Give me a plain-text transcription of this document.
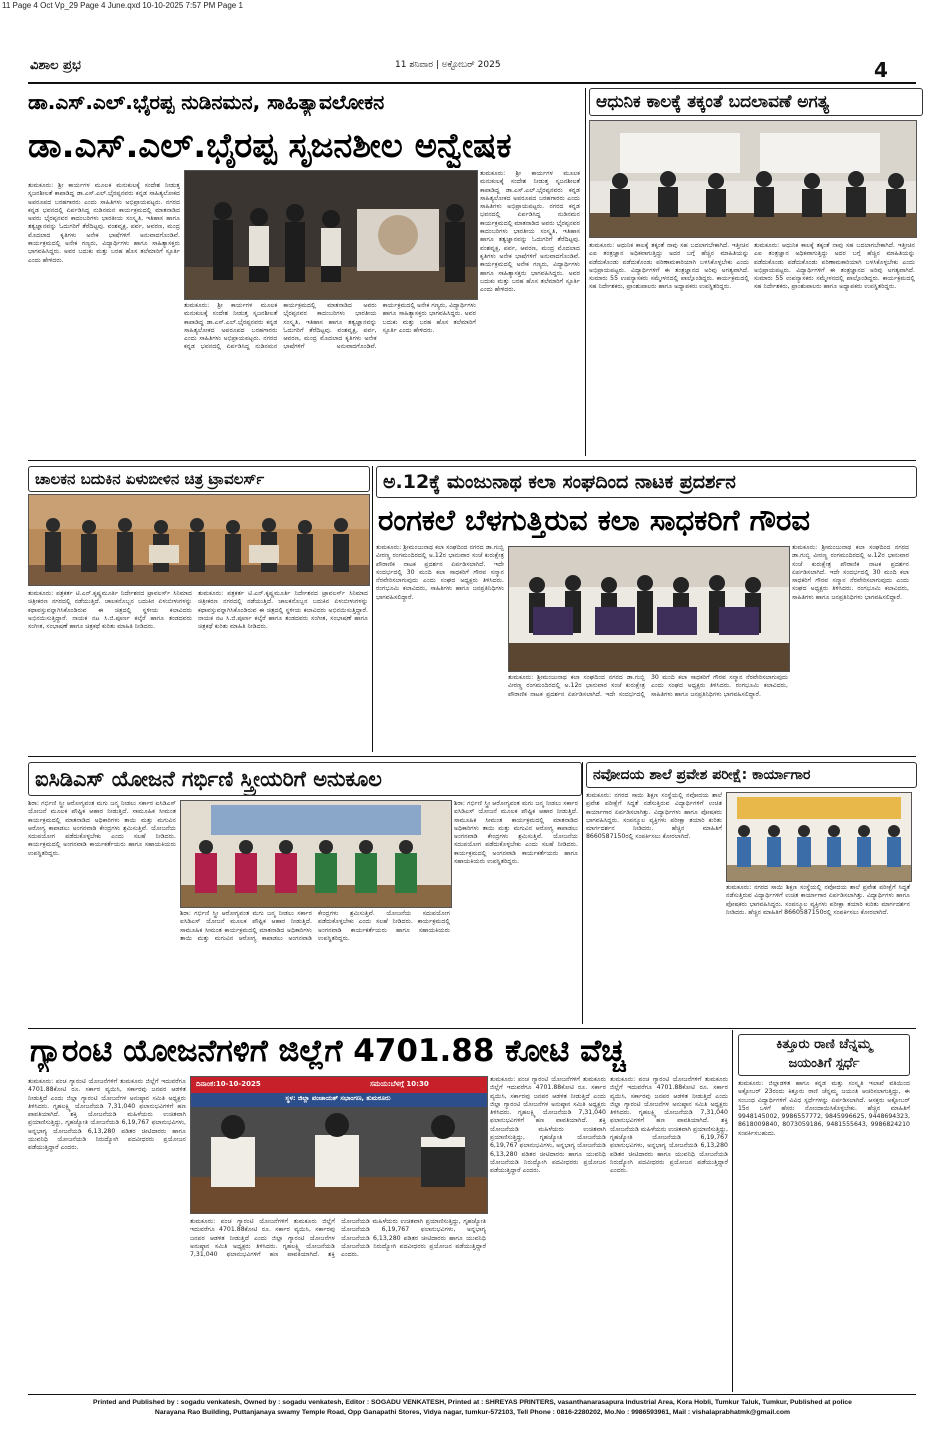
11 Page 4 Oct Vp_29 Page 4 June.qxd 10-10-2025 7:57 PM Page 1
ವಿಶಾಲ ಪ್ರಭ	11 ಶನಿವಾರ | ಅಕ್ಟೋಬರ್ 2025	4
ಡಾ.ಎಸ್.ಎಲ್.ಭೈರಪ್ಪ ನುಡಿನಮನ, ಸಾಹಿತ್ಯಾವಲೋಕನ
ಡಾ.ಎಸ್.ಎಲ್.ಭೈರಪ್ಪ ಸೃಜನಶೀಲ ಅನ್ವೇಷಕ
ತುಮಕೂರು: ಶ್ರೀ ಕಾರ್ಯಗಳ ಮೂಲಕ ಮನುಕುಲಕ್ಕೆ ಸಂದೇಶ ನೀಡುತ್ತ ಸೃಜನಶೀಲತೆ ಕಾಪಾಡಿದ್ದ ಡಾ.ಎಸ್.ಎಲ್.ಭೈರಪ್ಪನವರು ಕನ್ನಡ ಸಾಹಿತ್ಯಲೋಕದ ಅಪರೂಪದ ಬರಹಗಾರರು ಎಂದು ಸಾಹಿತಿಗಳು ಅಭಿಪ್ರಾಯಪಟ್ಟರು. ನಗರದ ಕನ್ನಡ ಭವನದಲ್ಲಿ ಏರ್ಪಡಿಸಿದ್ದ ನುಡಿನಮನ ಕಾರ್ಯಕ್ರಮದಲ್ಲಿ ಮಾತನಾಡಿದ ಅವರು ಭೈರಪ್ಪನವರ ಕಾದಂಬರಿಗಳು ಭಾರತೀಯ ಸಂಸ್ಕೃತಿ, ಇತಿಹಾಸ ಹಾಗೂ ತತ್ವಜ್ಞಾನವನ್ನು ಓದುಗರಿಗೆ ತೆರೆದಿಟ್ಟವು. ವಂಶವೃಕ್ಷ, ಪರ್ವ, ಆವರಣ, ಮಂದ್ರ ಮೊದಲಾದ ಕೃತಿಗಳು ಅನೇಕ ಭಾಷೆಗಳಿಗೆ ಅನುವಾದಗೊಂಡಿವೆ. ಕಾರ್ಯಕ್ರಮದಲ್ಲಿ ಅನೇಕ ಗಣ್ಯರು, ವಿದ್ಯಾರ್ಥಿಗಳು ಹಾಗೂ ಸಾಹಿತ್ಯಾಸಕ್ತರು ಭಾಗವಹಿಸಿದ್ದರು. ಅವರ ಬದುಕು ಮತ್ತು ಬರಹ ಹೊಸ ತಲೆಮಾರಿಗೆ ಸ್ಫೂರ್ತಿ ಎಂದು ಹೇಳಿದರು.
ತುಮಕೂರು: ಶ್ರೀ ಕಾರ್ಯಗಳ ಮೂಲಕ ಮನುಕುಲಕ್ಕೆ ಸಂದೇಶ ನೀಡುತ್ತ ಸೃಜನಶೀಲತೆ ಕಾಪಾಡಿದ್ದ ಡಾ.ಎಸ್.ಎಲ್.ಭೈರಪ್ಪನವರು ಕನ್ನಡ ಸಾಹಿತ್ಯಲೋಕದ ಅಪರೂಪದ ಬರಹಗಾರರು ಎಂದು ಸಾಹಿತಿಗಳು ಅಭಿಪ್ರಾಯಪಟ್ಟರು. ನಗರದ ಕನ್ನಡ ಭವನದಲ್ಲಿ ಏರ್ಪಡಿಸಿದ್ದ ನುಡಿನಮನ ಕಾರ್ಯಕ್ರಮದಲ್ಲಿ ಮಾತನಾಡಿದ ಅವರು ಭೈರಪ್ಪನವರ ಕಾದಂಬರಿಗಳು ಭಾರತೀಯ ಸಂಸ್ಕೃತಿ, ಇತಿಹಾಸ ಹಾಗೂ ತತ್ವಜ್ಞಾನವನ್ನು ಓದುಗರಿಗೆ ತೆರೆದಿಟ್ಟವು. ವಂಶವೃಕ್ಷ, ಪರ್ವ, ಆವರಣ, ಮಂದ್ರ ಮೊದಲಾದ ಕೃತಿಗಳು ಅನೇಕ ಭಾಷೆಗಳಿಗೆ ಅನುವಾದಗೊಂಡಿವೆ. ಕಾರ್ಯಕ್ರಮದಲ್ಲಿ ಅನೇಕ ಗಣ್ಯರು, ವಿದ್ಯಾರ್ಥಿಗಳು ಹಾಗೂ ಸಾಹಿತ್ಯಾಸಕ್ತರು ಭಾಗವಹಿಸಿದ್ದರು. ಅವರ ಬದುಕು ಮತ್ತು ಬರಹ ಹೊಸ ತಲೆಮಾರಿಗೆ ಸ್ಫೂರ್ತಿ ಎಂದು ಹೇಳಿದರು.
ತುಮಕೂರು: ಶ್ರೀ ಕಾರ್ಯಗಳ ಮೂಲಕ ಮನುಕುಲಕ್ಕೆ ಸಂದೇಶ ನೀಡುತ್ತ ಸೃಜನಶೀಲತೆ ಕಾಪಾಡಿದ್ದ ಡಾ.ಎಸ್.ಎಲ್.ಭೈರಪ್ಪನವರು ಕನ್ನಡ ಸಾಹಿತ್ಯಲೋಕದ ಅಪರೂಪದ ಬರಹಗಾರರು ಎಂದು ಸಾಹಿತಿಗಳು ಅಭಿಪ್ರಾಯಪಟ್ಟರು. ನಗರದ ಕನ್ನಡ ಭವನದಲ್ಲಿ ಏರ್ಪಡಿಸಿದ್ದ ನುಡಿನಮನ ಕಾರ್ಯಕ್ರಮದಲ್ಲಿ ಮಾತನಾಡಿದ ಅವರು ಭೈರಪ್ಪನವರ ಕಾದಂಬರಿಗಳು ಭಾರತೀಯ ಸಂಸ್ಕೃತಿ, ಇತಿಹಾಸ ಹಾಗೂ ತತ್ವಜ್ಞಾನವನ್ನು ಓದುಗರಿಗೆ ತೆರೆದಿಟ್ಟವು. ವಂಶವೃಕ್ಷ, ಪರ್ವ, ಆವರಣ, ಮಂದ್ರ ಮೊದಲಾದ ಕೃತಿಗಳು ಅನೇಕ ಭಾಷೆಗಳಿಗೆ ಅನುವಾದಗೊಂಡಿವೆ. ಕಾರ್ಯಕ್ರಮದಲ್ಲಿ ಅನೇಕ ಗಣ್ಯರು, ವಿದ್ಯಾರ್ಥಿಗಳು ಹಾಗೂ ಸಾಹಿತ್ಯಾಸಕ್ತರು ಭಾಗವಹಿಸಿದ್ದರು. ಅವರ ಬದುಕು ಮತ್ತು ಬರಹ ಹೊಸ ತಲೆಮಾರಿಗೆ ಸ್ಫೂರ್ತಿ ಎಂದು ಹೇಳಿದರು.
ಆಧುನಿಕ ಕಾಲಕ್ಕೆ ತಕ್ಕಂತೆ ಬದಲಾವಣೆ ಅಗತ್ಯ
ತುಮಕೂರು: ಆಧುನಿಕ ಕಾಲಕ್ಕೆ ತಕ್ಕಂತೆ ನಾವು ಸಹ ಬದಲಾಗಬೇಕಾಗಿದೆ. ಇತ್ತೀಚಿನ ಎಐ ತಂತ್ರಜ್ಞಾನ ಅಧಿಕವಾಗುತ್ತಿದ್ದು ಅದರ ಬಗ್ಗೆ ಹೆಚ್ಚಿನ ಮಾಹಿತಿಯನ್ನು ಪಡೆದುಕೊಂಡು ಪಡೆದುಕೊಂಡು ಪರಿಣಾಮಕಾರಿಯಾಗಿ ಬಳಸಿಕೊಳ್ಳಬೇಕು ಎಂದು ಅಭಿಪ್ರಾಯಪಟ್ಟರು. ವಿದ್ಯಾರ್ಥಿಗಳಿಗೆ ಈ ತಂತ್ರಜ್ಞಾನದ ಅರಿವು ಅಗತ್ಯವಾಗಿದೆ. ಸುಮಾರು 55 ಉಪನ್ಯಾಸಕರು ಸಮ್ಮೇಳನದಲ್ಲಿ ಪಾಲ್ಗೊಂಡಿದ್ದರು. ಕಾರ್ಯಕ್ರಮದಲ್ಲಿ ಸಹ ನಿರ್ದೇಶಕರು, ಪ್ರಾಂಶುಪಾಲರು ಹಾಗೂ ಅಧ್ಯಾಪಕರು ಉಪಸ್ಥಿತರಿದ್ದರು.
ತುಮಕೂರು: ಆಧುನಿಕ ಕಾಲಕ್ಕೆ ತಕ್ಕಂತೆ ನಾವು ಸಹ ಬದಲಾಗಬೇಕಾಗಿದೆ. ಇತ್ತೀಚಿನ ಎಐ ತಂತ್ರಜ್ಞಾನ ಅಧಿಕವಾಗುತ್ತಿದ್ದು ಅದರ ಬಗ್ಗೆ ಹೆಚ್ಚಿನ ಮಾಹಿತಿಯನ್ನು ಪಡೆದುಕೊಂಡು ಪಡೆದುಕೊಂಡು ಪರಿಣಾಮಕಾರಿಯಾಗಿ ಬಳಸಿಕೊಳ್ಳಬೇಕು ಎಂದು ಅಭಿಪ್ರಾಯಪಟ್ಟರು. ವಿದ್ಯಾರ್ಥಿಗಳಿಗೆ ಈ ತಂತ್ರಜ್ಞಾನದ ಅರಿವು ಅಗತ್ಯವಾಗಿದೆ. ಸುಮಾರು 55 ಉಪನ್ಯಾಸಕರು ಸಮ್ಮೇಳನದಲ್ಲಿ ಪಾಲ್ಗೊಂಡಿದ್ದರು. ಕಾರ್ಯಕ್ರಮದಲ್ಲಿ ಸಹ ನಿರ್ದೇಶಕರು, ಪ್ರಾಂಶುಪಾಲರು ಹಾಗೂ ಅಧ್ಯಾಪಕರು ಉಪಸ್ಥಿತರಿದ್ದರು.
ಚಾಲಕನ ಬದುಕಿನ ಏಳುಬೀಳಿನ ಚಿತ್ರ ಟ್ರಾವಲರ್ಸ್
ತುಮಕೂರು: ಪತ್ರಕರ್ತ ಟಿ.ಎನ್.ಕೃಷ್ಣಮೂರ್ತಿ ನಿರ್ದೇಶನದ ಟ್ರಾವಲರ್ಸ್ ಸಿನಿಮಾದ ಚಿತ್ರೀಕರಣ ನಗರದಲ್ಲಿ ನಡೆಯುತ್ತಿದೆ. ಚಾಲಕನೊಬ್ಬನ ಬದುಕಿನ ಏಳುಬೀಳುಗಳನ್ನು ಕಥಾವಸ್ತುವನ್ನಾಗಿಸಿಕೊಂಡಿರುವ ಈ ಚಿತ್ರದಲ್ಲಿ ಸ್ಥಳೀಯ ಕಲಾವಿದರು ಅಭಿನಯಿಸುತ್ತಿದ್ದಾರೆ. ನಾಯಕ ನಟ ಸಿ.ಜಿ.ಪೂರ್ಣ ಕಲ್ಕೆರೆ ಹಾಗೂ ತಂಡದವರು ಸಂಗೀತ, ಸಂಭಾಷಣೆ ಹಾಗೂ ಚಿತ್ರಕಥೆ ಕುರಿತು ಮಾಹಿತಿ ನೀಡಿದರು.
ತುಮಕೂರು: ಪತ್ರಕರ್ತ ಟಿ.ಎನ್.ಕೃಷ್ಣಮೂರ್ತಿ ನಿರ್ದೇಶನದ ಟ್ರಾವಲರ್ಸ್ ಸಿನಿಮಾದ ಚಿತ್ರೀಕರಣ ನಗರದಲ್ಲಿ ನಡೆಯುತ್ತಿದೆ. ಚಾಲಕನೊಬ್ಬನ ಬದುಕಿನ ಏಳುಬೀಳುಗಳನ್ನು ಕಥಾವಸ್ತುವನ್ನಾಗಿಸಿಕೊಂಡಿರುವ ಈ ಚಿತ್ರದಲ್ಲಿ ಸ್ಥಳೀಯ ಕಲಾವಿದರು ಅಭಿನಯಿಸುತ್ತಿದ್ದಾರೆ. ನಾಯಕ ನಟ ಸಿ.ಜಿ.ಪೂರ್ಣ ಕಲ್ಕೆರೆ ಹಾಗೂ ತಂಡದವರು ಸಂಗೀತ, ಸಂಭಾಷಣೆ ಹಾಗೂ ಚಿತ್ರಕಥೆ ಕುರಿತು ಮಾಹಿತಿ ನೀಡಿದರು.
ಅ.12ಕ್ಕೆ ಮಂಜುನಾಥ ಕಲಾ ಸಂಘದಿಂದ ನಾಟಕ ಪ್ರದರ್ಶನ
ರಂಗಕಲೆ ಬೆಳಗುತ್ತಿರುವ ಕಲಾ ಸಾಧಕರಿಗೆ ಗೌರವ
ತುಮಕೂರು: ಶ್ರೀಮಂಜುನಾಥ ಕಲಾ ಸಂಘದಿಂದ ನಗರದ ಡಾ.ಗುಬ್ಬಿ ವೀರಣ್ಣ ರಂಗಮಂದಿರದಲ್ಲಿ ಅ.12ರ ಭಾನುವಾರ ಸಂಜೆ ಕುರುಕ್ಷೇತ್ರ ಪೌರಾಣಿಕ ನಾಟಕ ಪ್ರದರ್ಶನ ಏರ್ಪಡಿಸಲಾಗಿದೆ. ಇದೇ ಸಂದರ್ಭದಲ್ಲಿ 30 ಮಂದಿ ಕಲಾ ಸಾಧಕರಿಗೆ ಗೌರವ ಸನ್ಮಾನ ನೆರವೇರಿಸಲಾಗುವುದು ಎಂದು ಸಂಘದ ಅಧ್ಯಕ್ಷರು ತಿಳಿಸಿದರು. ರಂಗಭೂಮಿ ಕಲಾವಿದರು, ಸಾಹಿತಿಗಳು ಹಾಗೂ ಜನಪ್ರತಿನಿಧಿಗಳು ಭಾಗವಹಿಸಲಿದ್ದಾರೆ.
ತುಮಕೂರು: ಶ್ರೀಮಂಜುನಾಥ ಕಲಾ ಸಂಘದಿಂದ ನಗರದ ಡಾ.ಗುಬ್ಬಿ ವೀರಣ್ಣ ರಂಗಮಂದಿರದಲ್ಲಿ ಅ.12ರ ಭಾನುವಾರ ಸಂಜೆ ಕುರುಕ್ಷೇತ್ರ ಪೌರಾಣಿಕ ನಾಟಕ ಪ್ರದರ್ಶನ ಏರ್ಪಡಿಸಲಾಗಿದೆ. ಇದೇ ಸಂದರ್ಭದಲ್ಲಿ 30 ಮಂದಿ ಕಲಾ ಸಾಧಕರಿಗೆ ಗೌರವ ಸನ್ಮಾನ ನೆರವೇರಿಸಲಾಗುವುದು ಎಂದು ಸಂಘದ ಅಧ್ಯಕ್ಷರು ತಿಳಿಸಿದರು. ರಂಗಭೂಮಿ ಕಲಾವಿದರು, ಸಾಹಿತಿಗಳು ಹಾಗೂ ಜನಪ್ರತಿನಿಧಿಗಳು ಭಾಗವಹಿಸಲಿದ್ದಾರೆ.
ತುಮಕೂರು: ಶ್ರೀಮಂಜುನಾಥ ಕಲಾ ಸಂಘದಿಂದ ನಗರದ ಡಾ.ಗುಬ್ಬಿ ವೀರಣ್ಣ ರಂಗಮಂದಿರದಲ್ಲಿ ಅ.12ರ ಭಾನುವಾರ ಸಂಜೆ ಕುರುಕ್ಷೇತ್ರ ಪೌರಾಣಿಕ ನಾಟಕ ಪ್ರದರ್ಶನ ಏರ್ಪಡಿಸಲಾಗಿದೆ. ಇದೇ ಸಂದರ್ಭದಲ್ಲಿ 30 ಮಂದಿ ಕಲಾ ಸಾಧಕರಿಗೆ ಗೌರವ ಸನ್ಮಾನ ನೆರವೇರಿಸಲಾಗುವುದು ಎಂದು ಸಂಘದ ಅಧ್ಯಕ್ಷರು ತಿಳಿಸಿದರು. ರಂಗಭೂಮಿ ಕಲಾವಿದರು, ಸಾಹಿತಿಗಳು ಹಾಗೂ ಜನಪ್ರತಿನಿಧಿಗಳು ಭಾಗವಹಿಸಲಿದ್ದಾರೆ.
ಐಸಿಡಿಎಸ್ ಯೋಜನೆ ಗರ್ಭಿಣಿ ಸ್ತ್ರೀಯರಿಗೆ ಅನುಕೂಲ
ಶಿರಾ: ಗರ್ಭಿಣಿ ಸ್ತ್ರೀ ಆರೋಗ್ಯವಂತ ಮಗು ಜನ್ಮ ನೀಡಲು ಸರ್ಕಾರ ಐಸಿಡಿಎಸ್ ಯೋಜನೆ ಮೂಲಕ ಪೌಷ್ಟಿಕ ಆಹಾರ ನೀಡುತ್ತಿದೆ. ಸಾಮೂಹಿಕ ಸೀಮಂತ ಕಾರ್ಯಕ್ರಮದಲ್ಲಿ ಮಾತನಾಡಿದ ಅಧಿಕಾರಿಗಳು ತಾಯಿ ಮತ್ತು ಮಗುವಿನ ಆರೋಗ್ಯ ಕಾಪಾಡಲು ಅಂಗನವಾಡಿ ಕೇಂದ್ರಗಳು ಶ್ರಮಿಸುತ್ತಿವೆ. ಯೋಜನೆಯ ಸದುಪಯೋಗ ಪಡೆದುಕೊಳ್ಳಬೇಕು ಎಂದು ಸಲಹೆ ನೀಡಿದರು. ಕಾರ್ಯಕ್ರಮದಲ್ಲಿ ಅಂಗನವಾಡಿ ಕಾರ್ಯಕರ್ತೆಯರು ಹಾಗೂ ಸಹಾಯಕಿಯರು ಉಪಸ್ಥಿತರಿದ್ದರು.
ಶಿರಾ: ಗರ್ಭಿಣಿ ಸ್ತ್ರೀ ಆರೋಗ್ಯವಂತ ಮಗು ಜನ್ಮ ನೀಡಲು ಸರ್ಕಾರ ಐಸಿಡಿಎಸ್ ಯೋಜನೆ ಮೂಲಕ ಪೌಷ್ಟಿಕ ಆಹಾರ ನೀಡುತ್ತಿದೆ. ಸಾಮೂಹಿಕ ಸೀಮಂತ ಕಾರ್ಯಕ್ರಮದಲ್ಲಿ ಮಾತನಾಡಿದ ಅಧಿಕಾರಿಗಳು ತಾಯಿ ಮತ್ತು ಮಗುವಿನ ಆರೋಗ್ಯ ಕಾಪಾಡಲು ಅಂಗನವಾಡಿ ಕೇಂದ್ರಗಳು ಶ್ರಮಿಸುತ್ತಿವೆ. ಯೋಜನೆಯ ಸದುಪಯೋಗ ಪಡೆದುಕೊಳ್ಳಬೇಕು ಎಂದು ಸಲಹೆ ನೀಡಿದರು. ಕಾರ್ಯಕ್ರಮದಲ್ಲಿ ಅಂಗನವಾಡಿ ಕಾರ್ಯಕರ್ತೆಯರು ಹಾಗೂ ಸಹಾಯಕಿಯರು ಉಪಸ್ಥಿತರಿದ್ದರು.
ಶಿರಾ: ಗರ್ಭಿಣಿ ಸ್ತ್ರೀ ಆರೋಗ್ಯವಂತ ಮಗು ಜನ್ಮ ನೀಡಲು ಸರ್ಕಾರ ಐಸಿಡಿಎಸ್ ಯೋಜನೆ ಮೂಲಕ ಪೌಷ್ಟಿಕ ಆಹಾರ ನೀಡುತ್ತಿದೆ. ಸಾಮೂಹಿಕ ಸೀಮಂತ ಕಾರ್ಯಕ್ರಮದಲ್ಲಿ ಮಾತನಾಡಿದ ಅಧಿಕಾರಿಗಳು ತಾಯಿ ಮತ್ತು ಮಗುವಿನ ಆರೋಗ್ಯ ಕಾಪಾಡಲು ಅಂಗನವಾಡಿ ಕೇಂದ್ರಗಳು ಶ್ರಮಿಸುತ್ತಿವೆ. ಯೋಜನೆಯ ಸದುಪಯೋಗ ಪಡೆದುಕೊಳ್ಳಬೇಕು ಎಂದು ಸಲಹೆ ನೀಡಿದರು. ಕಾರ್ಯಕ್ರಮದಲ್ಲಿ ಅಂಗನವಾಡಿ ಕಾರ್ಯಕರ್ತೆಯರು ಹಾಗೂ ಸಹಾಯಕಿಯರು ಉಪಸ್ಥಿತರಿದ್ದರು.
ನವೋದಯ ಶಾಲೆ ಪ್ರವೇಶ ಪರೀಕ್ಷೆ: ಕಾರ್ಯಾಗಾರ
ತುಮಕೂರು: ನಗರದ ಸಾಯಿ ಶಿಕ್ಷಣ ಸಂಸ್ಥೆಯಲ್ಲಿ ನವೋದಯ ಶಾಲೆ ಪ್ರವೇಶ ಪರೀಕ್ಷೆಗೆ ಸಿದ್ಧತೆ ನಡೆಸುತ್ತಿರುವ ವಿದ್ಯಾರ್ಥಿಗಳಿಗೆ ಉಚಿತ ಕಾರ್ಯಾಗಾರ ಏರ್ಪಡಿಸಲಾಗಿತ್ತು. ವಿದ್ಯಾರ್ಥಿಗಳು ಹಾಗೂ ಪೋಷಕರು ಭಾಗವಹಿಸಿದ್ದರು. ಸಂಪನ್ಮೂಲ ವ್ಯಕ್ತಿಗಳು ಪರೀಕ್ಷಾ ತಯಾರಿ ಕುರಿತು ಮಾರ್ಗದರ್ಶನ ನೀಡಿದರು. ಹೆಚ್ಚಿನ ಮಾಹಿತಿಗೆ 8660587150ರಲ್ಲಿ ಸಂಪರ್ಕಿಸಲು ಕೋರಲಾಗಿದೆ.
ತುಮಕೂರು: ನಗರದ ಸಾಯಿ ಶಿಕ್ಷಣ ಸಂಸ್ಥೆಯಲ್ಲಿ ನವೋದಯ ಶಾಲೆ ಪ್ರವೇಶ ಪರೀಕ್ಷೆಗೆ ಸಿದ್ಧತೆ ನಡೆಸುತ್ತಿರುವ ವಿದ್ಯಾರ್ಥಿಗಳಿಗೆ ಉಚಿತ ಕಾರ್ಯಾಗಾರ ಏರ್ಪಡಿಸಲಾಗಿತ್ತು. ವಿದ್ಯಾರ್ಥಿಗಳು ಹಾಗೂ ಪೋಷಕರು ಭಾಗವಹಿಸಿದ್ದರು. ಸಂಪನ್ಮೂಲ ವ್ಯಕ್ತಿಗಳು ಪರೀಕ್ಷಾ ತಯಾರಿ ಕುರಿತು ಮಾರ್ಗದರ್ಶನ ನೀಡಿದರು. ಹೆಚ್ಚಿನ ಮಾಹಿತಿಗೆ 8660587150ರಲ್ಲಿ ಸಂಪರ್ಕಿಸಲು ಕೋರಲಾಗಿದೆ.
ಗ್ಯಾರಂಟಿ ಯೋಜನೆಗಳಿಗೆ ಜಿಲ್ಲೆಗೆ 4701.88 ಕೋಟಿ ವೆಚ್ಚ
ತುಮಕೂರು: ಪಂಚ ಗ್ಯಾರಂಟಿ ಯೋಜನೆಗಳಿಗೆ ತುಮಕೂರು ಜಿಲ್ಲೆಗೆ ಇದುವರೆಗೂ 4701.88ಕೋಟಿ ರೂ. ಸರ್ಕಾರ ವ್ಯಯಿಸಿ, ಸರ್ಕಾರವು ಜನಪರ ಆಡಳಿತ ನೀಡುತ್ತಿದೆ ಎಂದು ಜಿಲ್ಲಾ ಗ್ಯಾರಂಟಿ ಯೋಜನೆಗಳ ಅನುಷ್ಠಾನ ಸಮಿತಿ ಅಧ್ಯಕ್ಷರು ತಿಳಿಸಿದರು. ಗೃಹಲಕ್ಷ್ಮಿ ಯೋಜನೆಯಡಿ 7,31,040 ಫಲಾನುಭವಿಗಳಿಗೆ ಹಣ ಪಾವತಿಯಾಗಿದೆ. ಶಕ್ತಿ ಯೋಜನೆಯಡಿ ಮಹಿಳೆಯರು ಉಚಿತವಾಗಿ ಪ್ರಯಾಣಿಸುತ್ತಿದ್ದು, ಗೃಹಜ್ಯೋತಿ ಯೋಜನೆಯಡಿ 6,19,767 ಫಲಾನುಭವಿಗಳು, ಅನ್ನಭಾಗ್ಯ ಯೋಜನೆಯಡಿ 6,13,280 ಪಡಿತರ ಚೀಟಿದಾರರು ಹಾಗೂ ಯುವನಿಧಿ ಯೋಜನೆಯಡಿ ನಿರುದ್ಯೋಗಿ ಪದವೀಧರರು ಪ್ರಯೋಜನ ಪಡೆಯುತ್ತಿದ್ದಾರೆ ಎಂದರು.
ದಿನಾಂಕ:10-10-2025	ಸಮಯ:ಬೆಳಗ್ಗೆ 10:30
ಸ್ಥಳ: ಜಿಲ್ಲಾ ಪಂಚಾಯತ್ ಸಭಾಂಗಣ, ತುಮಕೂರು
ತುಮಕೂರು: ಪಂಚ ಗ್ಯಾರಂಟಿ ಯೋಜನೆಗಳಿಗೆ ತುಮಕೂರು ಜಿಲ್ಲೆಗೆ ಇದುವರೆಗೂ 4701.88ಕೋಟಿ ರೂ. ಸರ್ಕಾರ ವ್ಯಯಿಸಿ, ಸರ್ಕಾರವು ಜನಪರ ಆಡಳಿತ ನೀಡುತ್ತಿದೆ ಎಂದು ಜಿಲ್ಲಾ ಗ್ಯಾರಂಟಿ ಯೋಜನೆಗಳ ಅನುಷ್ಠಾನ ಸಮಿತಿ ಅಧ್ಯಕ್ಷರು ತಿಳಿಸಿದರು. ಗೃಹಲಕ್ಷ್ಮಿ ಯೋಜನೆಯಡಿ 7,31,040 ಫಲಾನುಭವಿಗಳಿಗೆ ಹಣ ಪಾವತಿಯಾಗಿದೆ. ಶಕ್ತಿ ಯೋಜನೆಯಡಿ ಮಹಿಳೆಯರು ಉಚಿತವಾಗಿ ಪ್ರಯಾಣಿಸುತ್ತಿದ್ದು, ಗೃಹಜ್ಯೋತಿ ಯೋಜನೆಯಡಿ 6,19,767 ಫಲಾನುಭವಿಗಳು, ಅನ್ನಭಾಗ್ಯ ಯೋಜನೆಯಡಿ 6,13,280 ಪಡಿತರ ಚೀಟಿದಾರರು ಹಾಗೂ ಯುವನಿಧಿ ಯೋಜನೆಯಡಿ ನಿರುದ್ಯೋಗಿ ಪದವೀಧರರು ಪ್ರಯೋಜನ ಪಡೆಯುತ್ತಿದ್ದಾರೆ ಎಂದರು.
ತುಮಕೂರು: ಪಂಚ ಗ್ಯಾರಂಟಿ ಯೋಜನೆಗಳಿಗೆ ತುಮಕೂರು ಜಿಲ್ಲೆಗೆ ಇದುವರೆಗೂ 4701.88ಕೋಟಿ ರೂ. ಸರ್ಕಾರ ವ್ಯಯಿಸಿ, ಸರ್ಕಾರವು ಜನಪರ ಆಡಳಿತ ನೀಡುತ್ತಿದೆ ಎಂದು ಜಿಲ್ಲಾ ಗ್ಯಾರಂಟಿ ಯೋಜನೆಗಳ ಅನುಷ್ಠಾನ ಸಮಿತಿ ಅಧ್ಯಕ್ಷರು ತಿಳಿಸಿದರು. ಗೃಹಲಕ್ಷ್ಮಿ ಯೋಜನೆಯಡಿ 7,31,040 ಫಲಾನುಭವಿಗಳಿಗೆ ಹಣ ಪಾವತಿಯಾಗಿದೆ. ಶಕ್ತಿ ಯೋಜನೆಯಡಿ ಮಹಿಳೆಯರು ಉಚಿತವಾಗಿ ಪ್ರಯಾಣಿಸುತ್ತಿದ್ದು, ಗೃಹಜ್ಯೋತಿ ಯೋಜನೆಯಡಿ 6,19,767 ಫಲಾನುಭವಿಗಳು, ಅನ್ನಭಾಗ್ಯ ಯೋಜನೆಯಡಿ 6,13,280 ಪಡಿತರ ಚೀಟಿದಾರರು ಹಾಗೂ ಯುವನಿಧಿ ಯೋಜನೆಯಡಿ ನಿರುದ್ಯೋಗಿ ಪದವೀಧರರು ಪ್ರಯೋಜನ ಪಡೆಯುತ್ತಿದ್ದಾರೆ ಎಂದರು.
ತುಮಕೂರು: ಪಂಚ ಗ್ಯಾರಂಟಿ ಯೋಜನೆಗಳಿಗೆ ತುಮಕೂರು ಜಿಲ್ಲೆಗೆ ಇದುವರೆಗೂ 4701.88ಕೋಟಿ ರೂ. ಸರ್ಕಾರ ವ್ಯಯಿಸಿ, ಸರ್ಕಾರವು ಜನಪರ ಆಡಳಿತ ನೀಡುತ್ತಿದೆ ಎಂದು ಜಿಲ್ಲಾ ಗ್ಯಾರಂಟಿ ಯೋಜನೆಗಳ ಅನುಷ್ಠಾನ ಸಮಿತಿ ಅಧ್ಯಕ್ಷರು ತಿಳಿಸಿದರು. ಗೃಹಲಕ್ಷ್ಮಿ ಯೋಜನೆಯಡಿ 7,31,040 ಫಲಾನುಭವಿಗಳಿಗೆ ಹಣ ಪಾವತಿಯಾಗಿದೆ. ಶಕ್ತಿ ಯೋಜನೆಯಡಿ ಮಹಿಳೆಯರು ಉಚಿತವಾಗಿ ಪ್ರಯಾಣಿಸುತ್ತಿದ್ದು, ಗೃಹಜ್ಯೋತಿ ಯೋಜನೆಯಡಿ 6,19,767 ಫಲಾನುಭವಿಗಳು, ಅನ್ನಭಾಗ್ಯ ಯೋಜನೆಯಡಿ 6,13,280 ಪಡಿತರ ಚೀಟಿದಾರರು ಹಾಗೂ ಯುವನಿಧಿ ಯೋಜನೆಯಡಿ ನಿರುದ್ಯೋಗಿ ಪದವೀಧರರು ಪ್ರಯೋಜನ ಪಡೆಯುತ್ತಿದ್ದಾರೆ ಎಂದರು.
ಕಿತ್ತೂರು ರಾಣಿ ಚೆನ್ನಮ್ಮ
ಜಯಂತಿಗೆ ಸ್ಪರ್ಧೆ
ತುಮಕೂರು: ಜಿಲ್ಲಾಡಳಿತ ಹಾಗೂ ಕನ್ನಡ ಮತ್ತು ಸಂಸ್ಕೃತಿ ಇಲಾಖೆ ವತಿಯಿಂದ ಅಕ್ಟೋಬರ್ 23ರಂದು ಕಿತ್ತೂರು ರಾಣಿ ಚೆನ್ನಮ್ಮ ಜಯಂತಿ ಆಚರಿಸಲಾಗುತ್ತಿದ್ದು, ಈ ಸಂಬಂಧ ವಿದ್ಯಾರ್ಥಿಗಳಿಗೆ ವಿವಿಧ ಸ್ಪರ್ಧೆಗಳನ್ನು ಏರ್ಪಡಿಸಲಾಗಿದೆ. ಆಸಕ್ತರು ಅಕ್ಟೋಬರ್ 15ರ ಒಳಗೆ ಹೆಸರು ನೋಂದಾಯಿಸಿಕೊಳ್ಳಬೇಕು. ಹೆಚ್ಚಿನ ಮಾಹಿತಿಗೆ 9948145002, 9986557772, 9845996625, 9448694323, 8618009840, 8073059186, 9481555643, 9986824210 ಸಂಪರ್ಕಿಸಬಹುದು.
Printed and Published by : sogadu venkatesh, Owned by : sogadu venkatesh, Editor : SOGADU VENKATESH, Printed at : SHREYAS PRINTERS, vasanthanarasapura Industrial Area, Kora Hobli, Tumkur Taluk, Tumkur, Published at police
Narayana Rao Building, Puttanjanaya swamy Temple Road, Opp Ganapathi Stores, Vidya nagar, tumkur-572103, Tell Phone : 0816-2280202, Mo.No : 9986593961, Mail : vishalaprabhatmk@gmail.com
